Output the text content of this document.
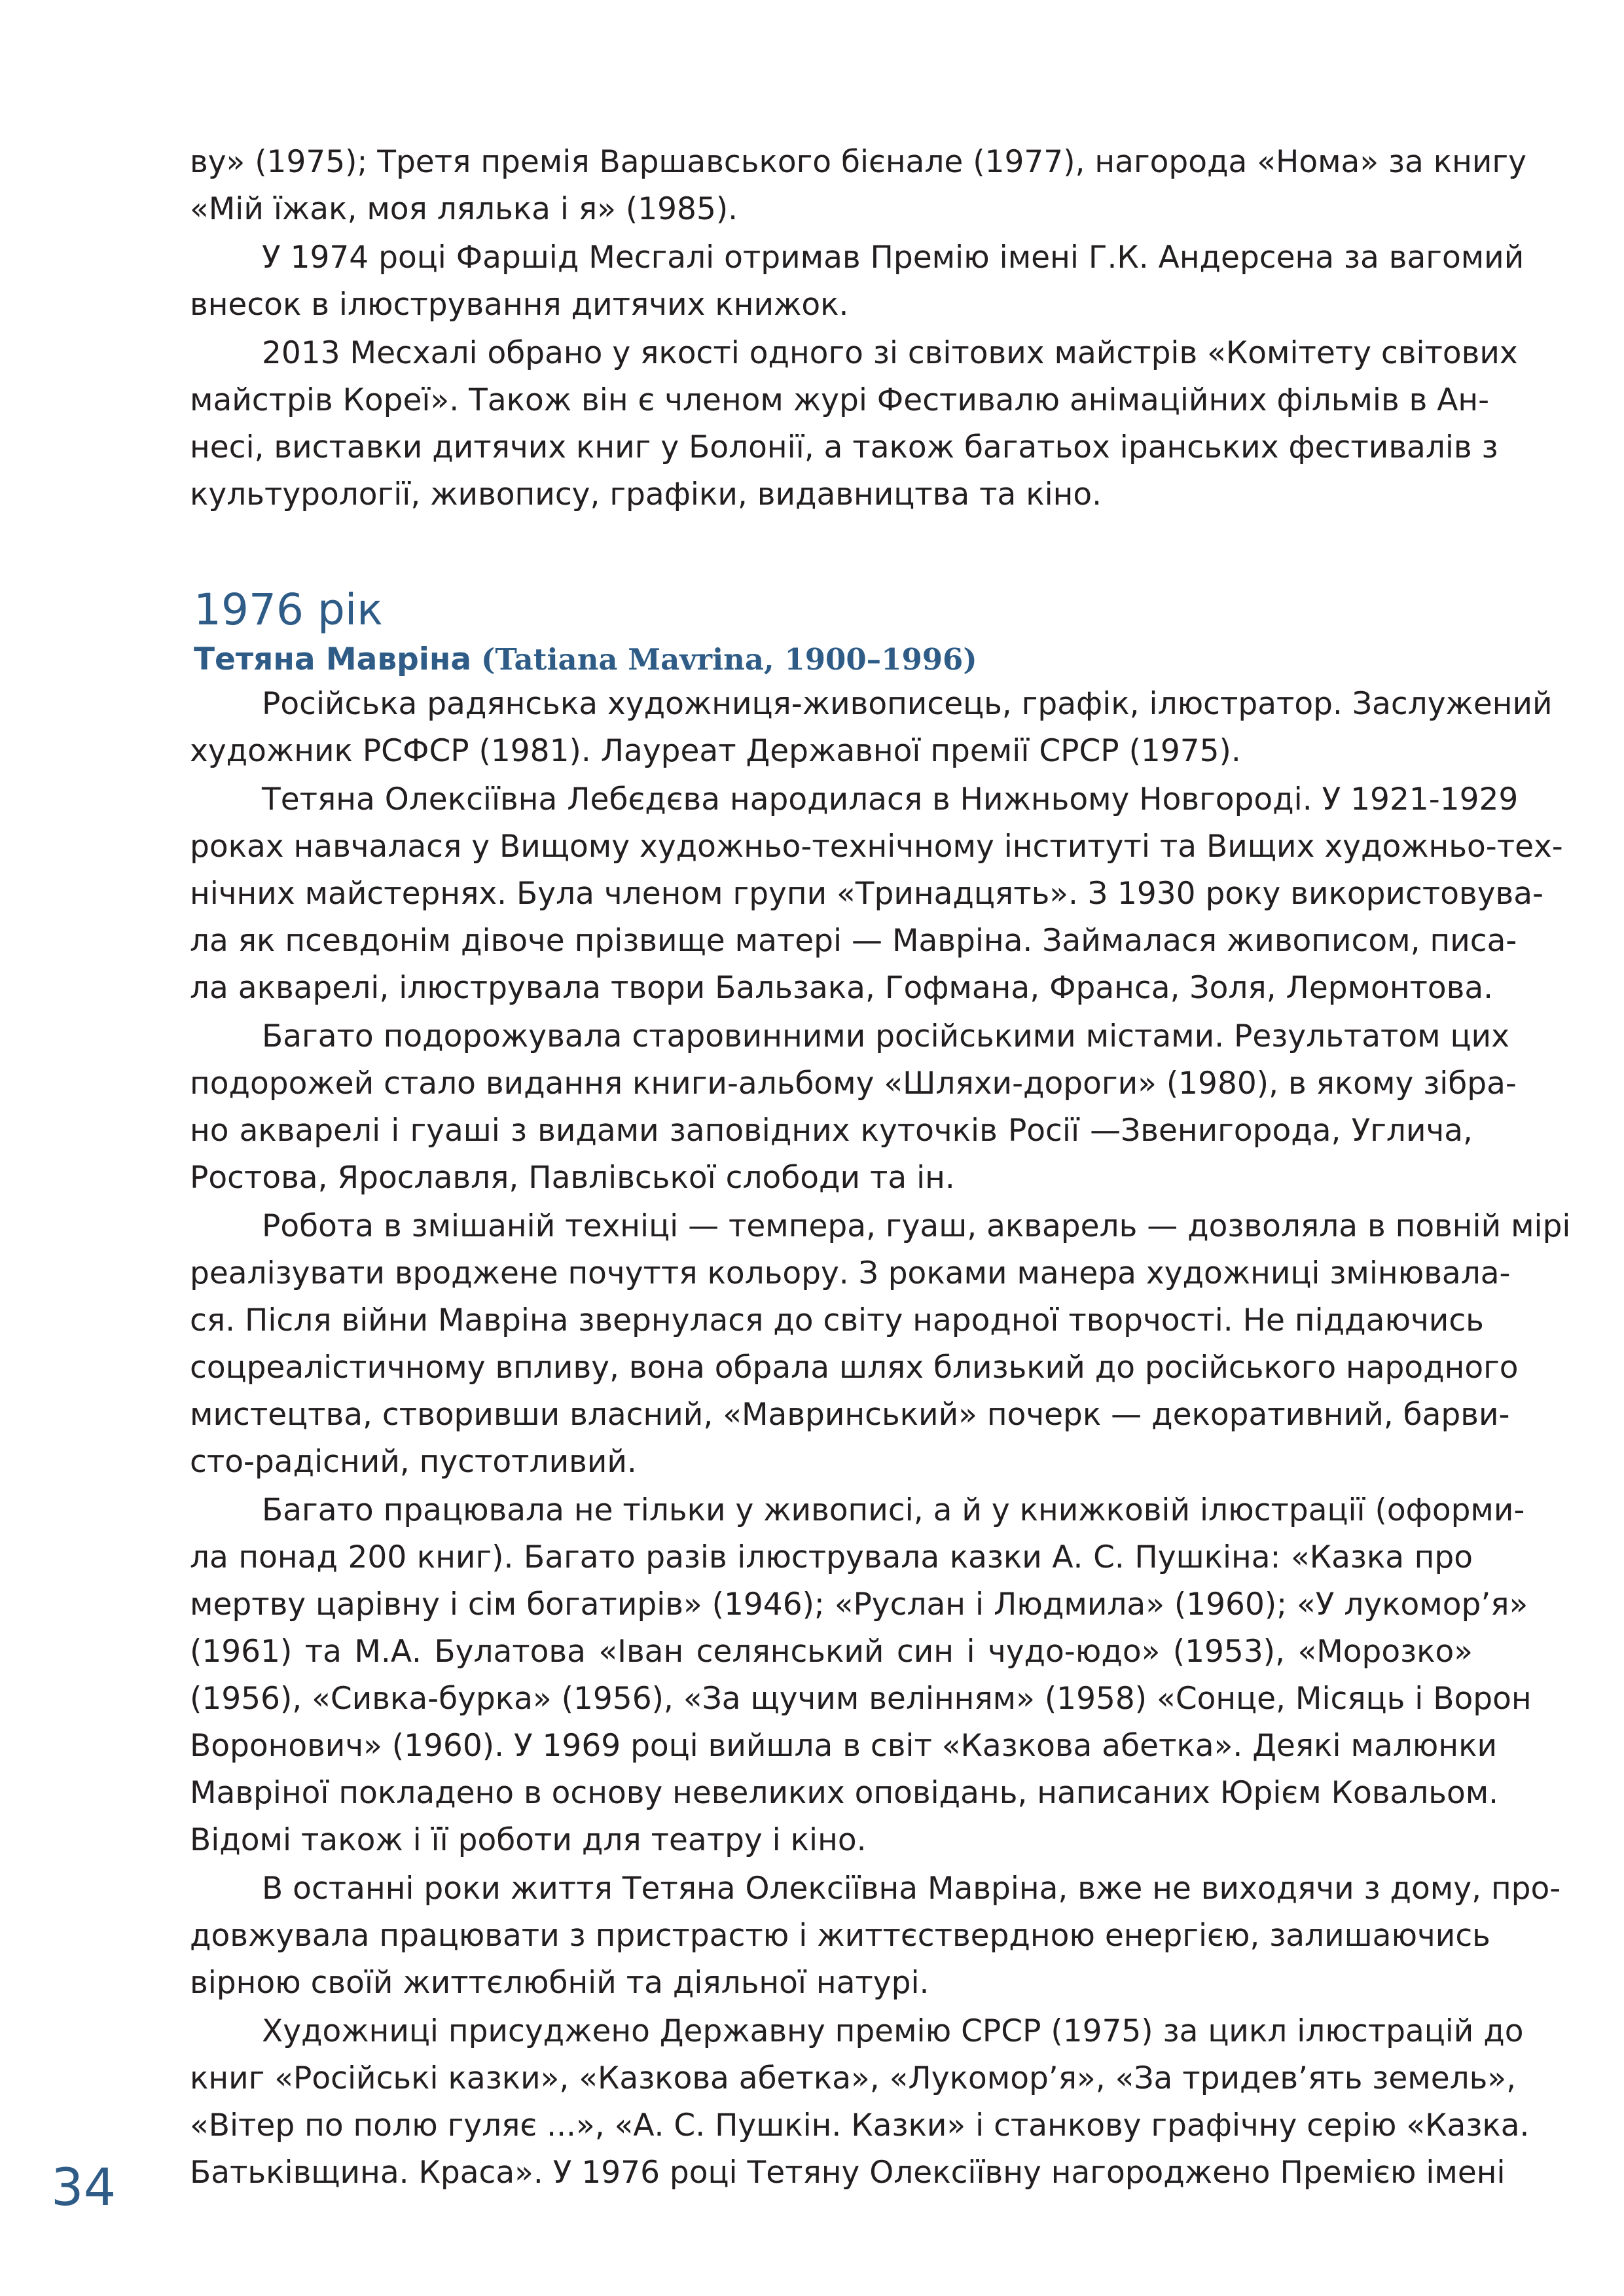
ву» (1975); Третя премія Варшавського бієнале (1977), нагорода «Нома» за книгу
«Мій їжак, моя лялька і я» (1985).
У 1974 році Фаршід Месгалі отримав Премію імені Г.К. Андерсена за вагомий
внесок в ілюстрування дитячих книжок.
2013 Месхалі обрано у якості одного зі світових майстрів «Комітету світових
майстрів Кореї». Також він є членом журі Фестивалю анімаційних фільмів в Ан-
несі, виставки дитячих книг у Болонії, а також багатьох іранських фестивалів з
культурології, живопису, графіки, видавництва та кіно.
1976 рік
Тетяна Мавріна (Tatiana Mavrina, 1900–1996)
Російська радянська художниця-живописець, графік, ілюстратор. Заслужений
художник РСФСР (1981). Лауреат Державної премії СРСР (1975).
Тетяна Олексіївна Лебєдєва народилася в Нижньому Новгороді. У 1921-1929
роках навчалася у Вищому художньо-технічному інституті та Вищих художньо-тех-
нічних майстернях. Була членом групи «Тринадцять». З 1930 року використовува-
ла як псевдонім дівоче прізвище матері — Мавріна. Займалася живописом, писа-
ла акварелі, ілюструвала твори Бальзака, Гофмана, Франса, Золя, Лермонтова.
Багато подорожувала старовинними російськими містами. Результатом цих
подорожей стало видання книги-альбому «Шляхи-дороги» (1980), в якому зібра-
но акварелі і гуаші з видами заповідних куточків Росії —Звенигорода, Углича,
Ростова, Ярославля, Павлівської слободи та ін.
Робота в змішаній техніці — темпера, гуаш, акварель — дозволяла в повній мірі
реалізувати вроджене почуття кольору. З роками манера художниці змінювала-
ся. Після війни Мавріна звернулася до світу народної творчості. Не піддаючись
соцреалістичному впливу, вона обрала шлях близький до російського народного
мистецтва, створивши власний, «Мавринський» почерк — декоративний, барви-
сто-радісний, пустотливий.
Багато працювала не тільки у живописі, а й у книжковій ілюстрації (оформи-
ла понад 200 книг). Багато разів ілюструвала казки А. С. Пушкіна: «Казка про
мертву царівну і сім богатирів» (1946); «Руслан і Людмила» (1960); «У лукомор’я»
(1961) та М.А. Булатова «Іван селянський син і чудо-юдо» (1953), «Морозко»
(1956), «Сивка-бурка» (1956), «За щучим велінням» (1958) «Сонце, Місяць і Ворон
Воронович» (1960). У 1969 році вийшла в світ «Казкова абетка». Деякі малюнки
Мавріної покладено в основу невеликих оповідань, написаних Юрієм Ковальом.
Відомі також і її роботи для театру і кіно.
В останні роки життя Тетяна Олексіївна Мавріна, вже не виходячи з дому, про-
довжувала працювати з пристрастю і життєствердною енергією, залишаючись
вірною своїй життєлюбній та діяльної натурі.
Художниці присуджено Державну премію СРСР (1975) за цикл ілюстрацій до
книг «Російські казки», «Казкова абетка», «Лукомор’я», «За тридев’ять земель»,
«Вітер по полю гуляє ...», «А. С. Пушкін. Казки» і станкову графічну серію «Казка.
Батьківщина. Краса». У 1976 році Тетяну Олексіївну нагороджено Премією імені
34
